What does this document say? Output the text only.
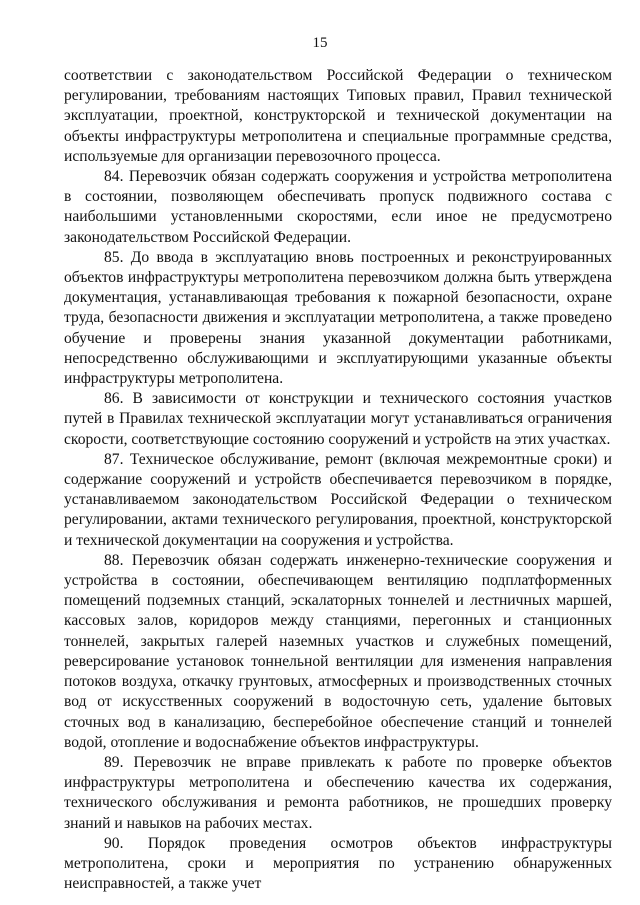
15

соответствии с законодательством Российской Федерации о техническом регулировании, требованиям настоящих Типовых правил, Правил технической эксплуатации, проектной, конструкторской и технической документации на объекты инфраструктуры метрополитена и специальные программные средства, используемые для организации перевозочного процесса.

84. Перевозчик обязан содержать сооружения и устройства метрополитена в состоянии, позволяющем обеспечивать пропуск подвижного состава с наибольшими установленными скоростями, если иное не предусмотрено законодательством Российской Федерации.

85. До ввода в эксплуатацию вновь построенных и реконструированных объектов инфраструктуры метрополитена перевозчиком должна быть утверждена документация, устанавливающая требования к пожарной безопасности, охране труда, безопасности движения и эксплуатации метрополитена, а также проведено обучение и проверены знания указанной документации работниками, непосредственно обслуживающими и эксплуатирующими указанные объекты инфраструктуры метрополитена.

86. В зависимости от конструкции и технического состояния участков путей в Правилах технической эксплуатации могут устанавливаться ограничения скорости, соответствующие состоянию сооружений и устройств на этих участках.

87. Техническое обслуживание, ремонт (включая межремонтные сроки) и содержание сооружений и устройств обеспечивается перевозчиком в порядке, устанавливаемом законодательством Российской Федерации о техническом регулировании, актами технического регулирования, проектной, конструкторской и технической документации на сооружения и устройства.

88. Перевозчик обязан содержать инженерно-технические сооружения и устройства в состоянии, обеспечивающем вентиляцию подплатформенных помещений подземных станций, эскалаторных тоннелей и лестничных маршей, кассовых залов, коридоров между станциями, перегонных и станционных тоннелей, закрытых галерей наземных участков и служебных помещений, реверсирование установок тоннельной вентиляции для изменения направления потоков воздуха, откачку грунтовых, атмосферных и производственных сточных вод от искусственных сооружений в водосточную сеть, удаление бытовых сточных вод в канализацию, бесперебойное обеспечение станций и тоннелей водой, отопление и водоснабжение объектов инфраструктуры.

89. Перевозчик не вправе привлекать к работе по проверке объектов инфраструктуры метрополитена и обеспечению качества их содержания, технического обслуживания и ремонта работников, не прошедших проверку знаний и навыков на рабочих местах.

90. Порядок проведения осмотров объектов инфраструктуры метрополитена, сроки и мероприятия по устранению обнаруженных неисправностей, а также учет
